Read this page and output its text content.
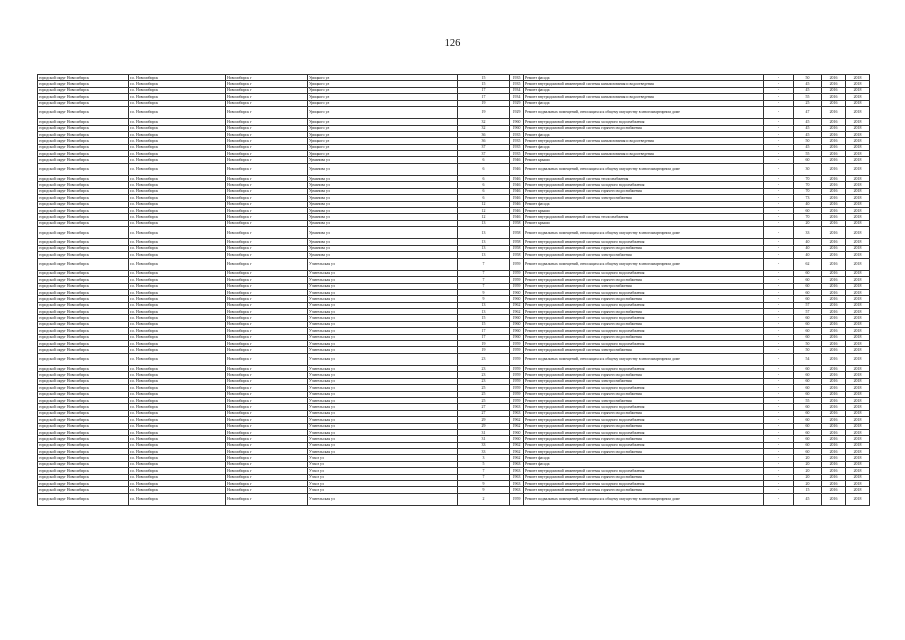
126
городской округ Новосибирск	г.о. Новосибирск	Новосибирск г	Урицкого ул	15	1935	Ремонт фасада	-	50	2016	2018
городской округ Новосибирск	г.о. Новосибирск	Новосибирск г	Урицкого ул	15	1935	Ремонт внутридомовой инженерной системы канализования и водоотведения	-	45	2016	2018
городской округ Новосибирск	г.о. Новосибирск	Новосибирск г	Урицкого ул	17	1934	Ремонт фасада	-	45	2016	2018
городской округ Новосибирск	г.о. Новосибирск	Новосибирск г	Урицкого ул	17	1934	Ремонт внутридомовой инженерной системы канализования и водоотведения	-	55	2016	2018
городской округ Новосибирск	г.о. Новосибирск	Новосибирск г	Урицкого ул	19	1929	Ремонт фасада	-	25	2016	2018
городской округ Новосибирск	г.о. Новосибирск	Новосибирск г	Урицкого ул	19	1929	Ремонт подвальных помещений, относящихся к общему имуществу в многоквартирном доме	-	47	2016	2018
городской округ Новосибирск	г.о. Новосибирск	Новосибирск г	Урицкого ул	32	1960	Ремонт внутридомовой инженерной системы холодного водоснабжения	-	45	2016	2018
городской округ Новосибирск	г.о. Новосибирск	Новосибирск г	Урицкого ул	32	1960	Ремонт внутридомовой инженерной системы горячего водоснабжения	-	45	2016	2018
городской округ Новосибирск	г.о. Новосибирск	Новосибирск г	Урицкого ул	36	1935	Ремонт фасада	-	45	2016	2018
городской округ Новосибирск	г.о. Новосибирск	Новосибирск г	Урицкого ул	36	1935	Ремонт внутридомовой инженерной системы канализования и водоотведения	-	50	2016	2018
городской округ Новосибирск	г.о. Новосибирск	Новосибирск г	Урицкого ул	37	1935	Ремонт фасада	-	45	2016	2018
городской округ Новосибирск	г.о. Новосибирск	Новосибирск г	Урицкого ул	37	1935	Ремонт внутридомовой инженерной системы канализования и водоотведения	-	55	2016	2018
городской округ Новосибирск	г.о. Новосибирск	Новосибирск г	Урманова ул	6	1946	Ремонт крыши	-	60	2016	2018
городской округ Новосибирск	г.о. Новосибирск	Новосибирск г	Урманова ул	6	1946	Ремонт подвальных помещений, относящихся к общему имуществу в многоквартирном доме	-	30	2016	2018
городской округ Новосибирск	г.о. Новосибирск	Новосибирск г	Урманова ул	6	1946	Ремонт внутридомовой инженерной системы теплоснабжения	-	70	2016	2018
городской округ Новосибирск	г.о. Новосибирск	Новосибирск г	Урманова ул	6	1946	Ремонт внутридомовой инженерной системы холодного водоснабжения	-	70	2016	2018
городской округ Новосибирск	г.о. Новосибирск	Новосибирск г	Урманова ул	6	1946	Ремонт внутридомовой инженерной системы горячего водоснабжения	-	70	2016	2018
городской округ Новосибирск	г.о. Новосибирск	Новосибирск г	Урманова ул	6	1946	Ремонт внутридомовой инженерной системы электроснабжения	-	73	2016	2018
городской округ Новосибирск	г.о. Новосибирск	Новосибирск г	Урманова ул	12	1946	Ремонт фасада	-	40	2016	2018
городской округ Новосибирск	г.о. Новосибирск	Новосибирск г	Урманова ул	12	1946	Ремонт крыши	-	60	2016	2018
городской округ Новосибирск	г.о. Новосибирск	Новосибирск г	Урманова ул	12	1946	Ремонт внутридомовой инженерной системы теплоснабжения	-	70	2016	2018
городской округ Новосибирск	г.о. Новосибирск	Новосибирск г	Урманова ул	13	1958	Ремонт крыши	-	20	2016	2018
городской округ Новосибирск	г.о. Новосибирск	Новосибирск г	Урманова ул	13	1958	Ремонт подвальных помещений, относящихся к общему имуществу в многоквартирном доме	-	33	2016	2018
городской округ Новосибирск	г.о. Новосибирск	Новосибирск г	Урманова ул	13	1958	Ремонт внутридомовой инженерной системы холодного водоснабжения	-	40	2016	2018
городской округ Новосибирск	г.о. Новосибирск	Новосибирск г	Урманова ул	13	1958	Ремонт внутридомовой инженерной системы горячего водоснабжения	-	40	2016	2018
городской округ Новосибирск	г.о. Новосибирск	Новосибирск г	Урманова ул	13	1958	Ремонт внутридомовой инженерной системы электроснабжения	-	40	2016	2018
городской округ Новосибирск	г.о. Новосибирск	Новосибирск г	Учительская ул	7	1959	Ремонт подвальных помещений, относящихся к общему имуществу в многоквартирном доме	-	62	2016	2018
городской округ Новосибирск	г.о. Новосибирск	Новосибирск г	Учительская ул	7	1959	Ремонт внутридомовой инженерной системы холодного водоснабжения	-	60	2016	2018
городской округ Новосибирск	г.о. Новосибирск	Новосибирск г	Учительская ул	7	1959	Ремонт внутридомовой инженерной системы горячего водоснабжения	-	60	2016	2018
городской округ Новосибирск	г.о. Новосибирск	Новосибирск г	Учительская ул	7	1959	Ремонт внутридомовой инженерной системы электроснабжения	-	60	2016	2018
городской округ Новосибирск	г.о. Новосибирск	Новосибирск г	Учительская ул	9	1960	Ремонт внутридомовой инженерной системы холодного водоснабжения	-	60	2016	2018
городской округ Новосибирск	г.о. Новосибирск	Новосибирск г	Учительская ул	9	1960	Ремонт внутридомовой инженерной системы горячего водоснабжения	-	60	2016	2018
городской округ Новосибирск	г.о. Новосибирск	Новосибирск г	Учительская ул	13	1962	Ремонт внутридомовой инженерной системы холодного водоснабжения	-	57	2016	2018
городской округ Новосибирск	г.о. Новосибирск	Новосибирск г	Учительская ул	13	1962	Ремонт внутридомовой инженерной системы горячего водоснабжения	-	57	2016	2018
городской округ Новосибирск	г.о. Новосибирск	Новосибирск г	Учительская ул	15	1960	Ремонт внутридомовой инженерной системы холодного водоснабжения	-	60	2016	2018
городской округ Новосибирск	г.о. Новосибирск	Новосибирск г	Учительская ул	15	1960	Ремонт внутридомовой инженерной системы горячего водоснабжения	-	60	2016	2018
городской округ Новосибирск	г.о. Новосибирск	Новосибирск г	Учительская ул	17	1960	Ремонт внутридомовой инженерной системы холодного водоснабжения	-	60	2016	2018
городской округ Новосибирск	г.о. Новосибирск	Новосибирск г	Учительская ул	17	1960	Ремонт внутридомовой инженерной системы горячего водоснабжения	-	60	2016	2018
городской округ Новосибирск	г.о. Новосибирск	Новосибирск г	Учительская ул	19	1959	Ремонт внутридомовой инженерной системы холодного водоснабжения	-	50	2016	2018
городской округ Новосибирск	г.о. Новосибирск	Новосибирск г	Учительская ул	19	1959	Ремонт внутридомовой инженерной системы электроснабжения	-	50	2016	2018
городской округ Новосибирск	г.о. Новосибирск	Новосибирск г	Учительская ул	23	1959	Ремонт подвальных помещений, относящихся к общему имуществу в многоквартирном доме	-	54	2016	2018
городской округ Новосибирск	г.о. Новосибирск	Новосибирск г	Учительская ул	23	1959	Ремонт внутридомовой инженерной системы холодного водоснабжения	-	60	2016	2018
городской округ Новосибирск	г.о. Новосибирск	Новосибирск г	Учительская ул	23	1959	Ремонт внутридомовой инженерной системы горячего водоснабжения	-	60	2016	2018
городской округ Новосибирск	г.о. Новосибирск	Новосибирск г	Учительская ул	23	1959	Ремонт внутридомовой инженерной системы электроснабжения	-	60	2016	2018
городской округ Новосибирск	г.о. Новосибирск	Новосибирск г	Учительская ул	25	1959	Ремонт внутридомовой инженерной системы холодного водоснабжения	-	60	2016	2018
городской округ Новосибирск	г.о. Новосибирск	Новосибирск г	Учительская ул	25	1959	Ремонт внутридомовой инженерной системы горячего водоснабжения	-	60	2016	2018
городской округ Новосибирск	г.о. Новосибирск	Новосибирск г	Учительская ул	25	1959	Ремонт внутридомовой инженерной системы электроснабжения	-	55	2016	2018
городской округ Новосибирск	г.о. Новосибирск	Новосибирск г	Учительская ул	27	1963	Ремонт внутридомовой инженерной системы холодного водоснабжения	-	60	2016	2018
городской округ Новосибирск	г.о. Новосибирск	Новосибирск г	Учительская ул	27	1963	Ремонт внутридомовой инженерной системы горячего водоснабжения	-	60	2016	2018
городской округ Новосибирск	г.о. Новосибирск	Новосибирск г	Учительская ул	29	1962	Ремонт внутридомовой инженерной системы холодного водоснабжения	-	60	2016	2018
городской округ Новосибирск	г.о. Новосибирск	Новосибирск г	Учительская ул	29	1962	Ремонт внутридомовой инженерной системы горячего водоснабжения	-	60	2016	2018
городской округ Новосибирск	г.о. Новосибирск	Новосибирск г	Учительская ул	31	1960	Ремонт внутридомовой инженерной системы холодного водоснабжения	-	60	2016	2018
городской округ Новосибирск	г.о. Новосибирск	Новосибирск г	Учительская ул	31	1960	Ремонт внутридомовой инженерной системы горячего водоснабжения	-	60	2016	2018
городской округ Новосибирск	г.о. Новосибирск	Новосибирск г	Учительская ул	33	1962	Ремонт внутридомовой инженерной системы холодного водоснабжения	-	60	2016	2018
городской округ Новосибирск	г.о. Новосибирск	Новосибирск г	Учительская ул	33	1962	Ремонт внутридомовой инженерной системы горячего водоснабжения	-	60	2016	2018
городской округ Новосибирск	г.о. Новосибирск	Новосибирск г	Учхоз ул	3	1962	Ремонт фасада	-	20	2016	2018
городской округ Новосибирск	г.о. Новосибирск	Новосибирск г	Учхоз ул	5	1963	Ремонт фасада	-	20	2016	2018
городской округ Новосибирск	г.о. Новосибирск	Новосибирск г	Учхоз ул	7	1963	Ремонт внутридомовой инженерной системы холодного водоснабжения	-	20	2016	2018
городской округ Новосибирск	г.о. Новосибирск	Новосибирск г	Учхоз ул	7	1963	Ремонт внутридомовой инженерной системы горячего водоснабжения	-	20	2016	2018
городской округ Новосибирск	г.о. Новосибирск	Новосибирск г	Учхоз ул	9	1963	Ремонт внутридомовой инженерной системы холодного водоснабжения	-	20	2016	2018
городской округ Новосибирск	г.о. Новосибирск	Новосибирск г	Учхоз ул	9	1963	Ремонт внутридомовой инженерной системы горячего водоснабжения	-	15	2016	2018
городской округ Новосибирск	г.о. Новосибирск	Новосибирск г	Учительская ул	2	1959	Ремонт подвальных помещений, относящихся к общему имуществу в многоквартирном доме	-	45	2016	2018
